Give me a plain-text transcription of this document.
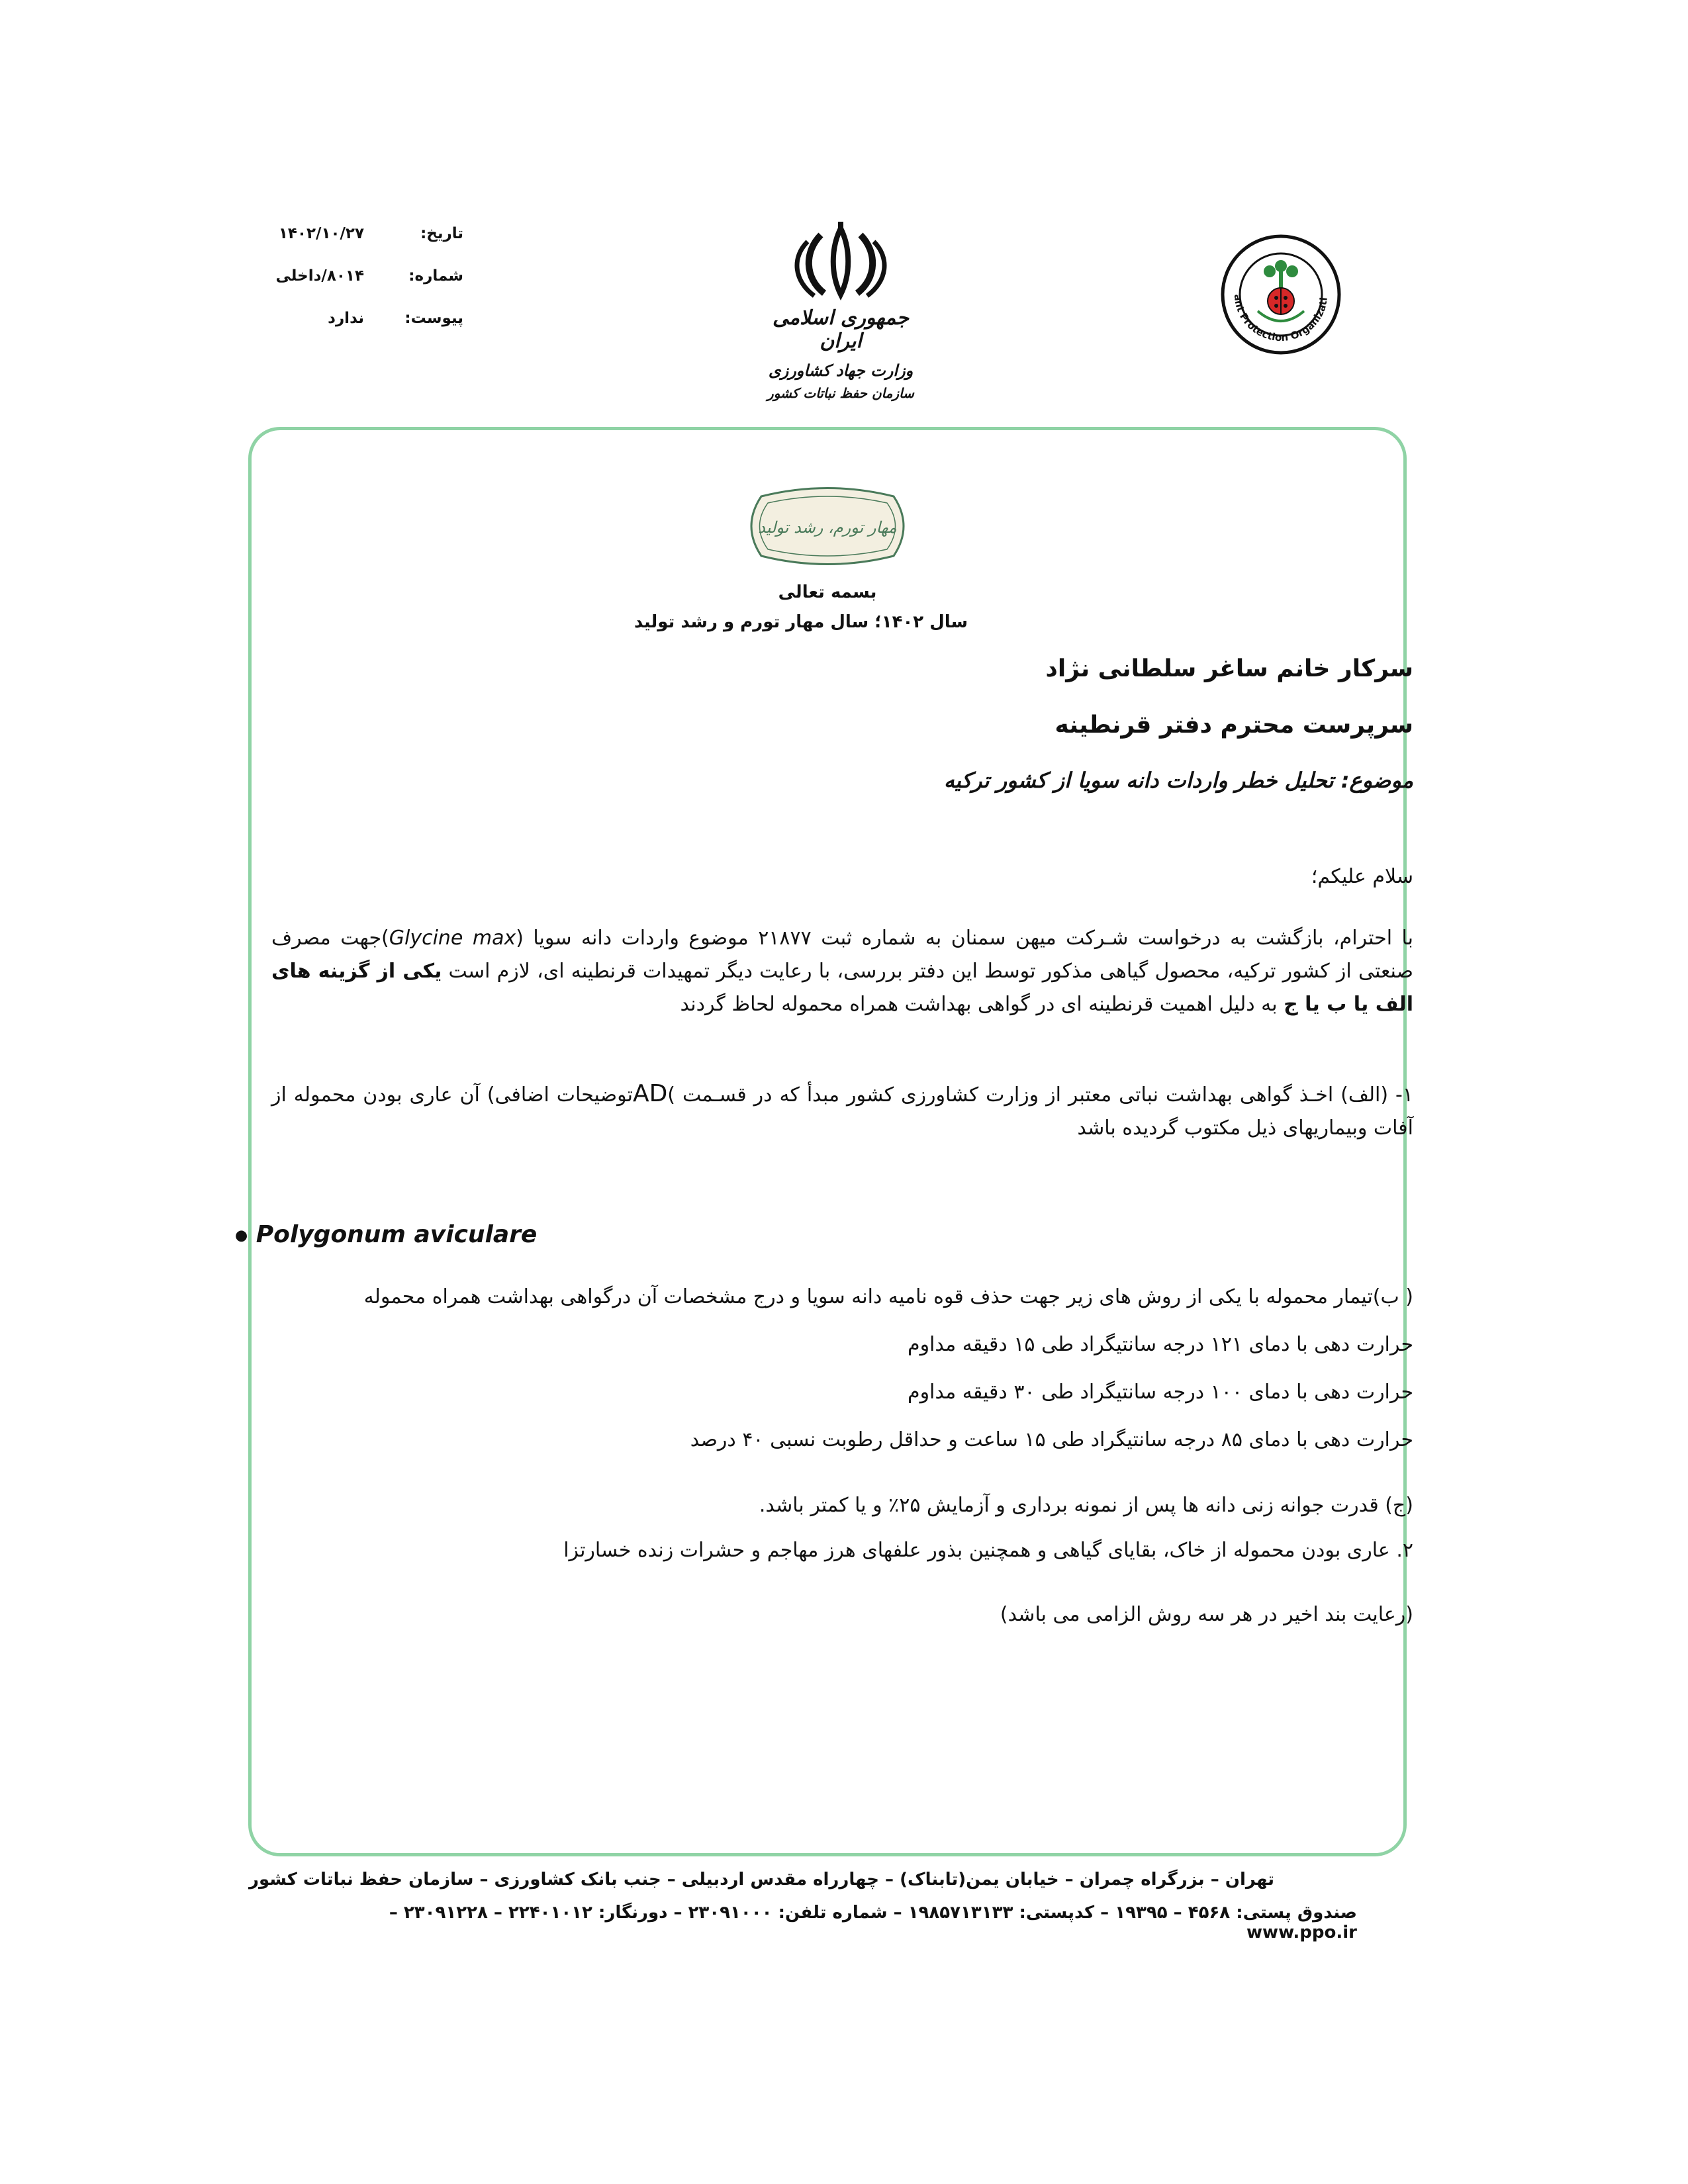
تاریخ:
۱۴۰۲/۱۰/۲۷
شماره:
۸۰۱۴/داخلی
پیوست:
ندارد	جمهوری اسلامی ایران
وزارت جهاد کشاورزی
سازمان حفظ نباتات کشور
ant Protection Organizati
مهار تورم، رشد تولید
بسمه تعالی
سال ۱۴۰۲؛ سال مهار تورم و رشد تولید
سرکار خانم ساغر سلطانی نژاد
سرپرست محترم دفتر قرنطینه
موضوع: تحلیل خطر واردات دانه سویا از کشور ترکیه
سلام علیکم؛
با احترام، بازگشت به درخواست شـرکت میهن سمنان به شماره ثبت ۲۱۸۷۷ موضوع واردات دانه سویا (Glycine max)جهت مصرف صنعتی از کشور ترکیه، محصول گیاهی مذکور توسط این دفتر بررسی، با رعایت دیگر تمهیدات قرنطینه ای، لازم است یکی از گزینه های الف یا ب یا ج به دلیل اهمیت قرنطینه ای در گواهی بهداشت همراه محموله لحاظ گردند
۱- (الف) اخـذ گواهی بهداشت نباتی معتبر از وزارت کشاورزی کشور مبدأ که در قسـمت )ADتوضیحات اضافی) آن عاری بودن محموله از آفات وبیماریهای ذیل مکتوب گردیده باشد
● Polygonum aviculare
( ب)تیمار محموله با یکی از روش های زیر جهت حذف قوه نامیه دانه سویا و درج مشخصات آن درگواهی بهداشت همراه محموله
حرارت دهی با دمای ۱۲۱ درجه سانتیگراد طی ۱۵ دقیقه مداوم
حرارت دهی با دمای ۱۰۰ درجه سانتیگراد طی ۳۰ دقیقه مداوم
حرارت دهی با دمای ۸۵ درجه سانتیگراد طی ۱۵ ساعت و حداقل رطوبت نسبی ۴۰ درصد
(ج) قدرت جوانه زنی دانه ها پس از نمونه برداری و آزمایش ۲۵٪ و یا کمتر باشد.
۲. عاری بودن محموله از خاک، بقایای گیاهی و همچنین بذور علفهای هرز مهاجم و حشرات زنده خسارتزا
(رعایت بند اخیر در هر سه روش الزامی می باشد)
تهران – بزرگراه چمران – خیابان یمن(تابناک) – چهارراه مقدس اردبیلی – جنب بانک کشاورزی – سازمان حفظ نباتات کشور
صندوق پستی: ۴۵۶۸ – ۱۹۳۹۵ – کدپستی: ۱۹۸۵۷۱۳۱۳۳ – شماره تلفن: ۲۳۰۹۱۰۰۰ – دورنگار: ۲۲۴۰۱۰۱۲ – ۲۳۰۹۱۲۲۸ – www.ppo.ir
